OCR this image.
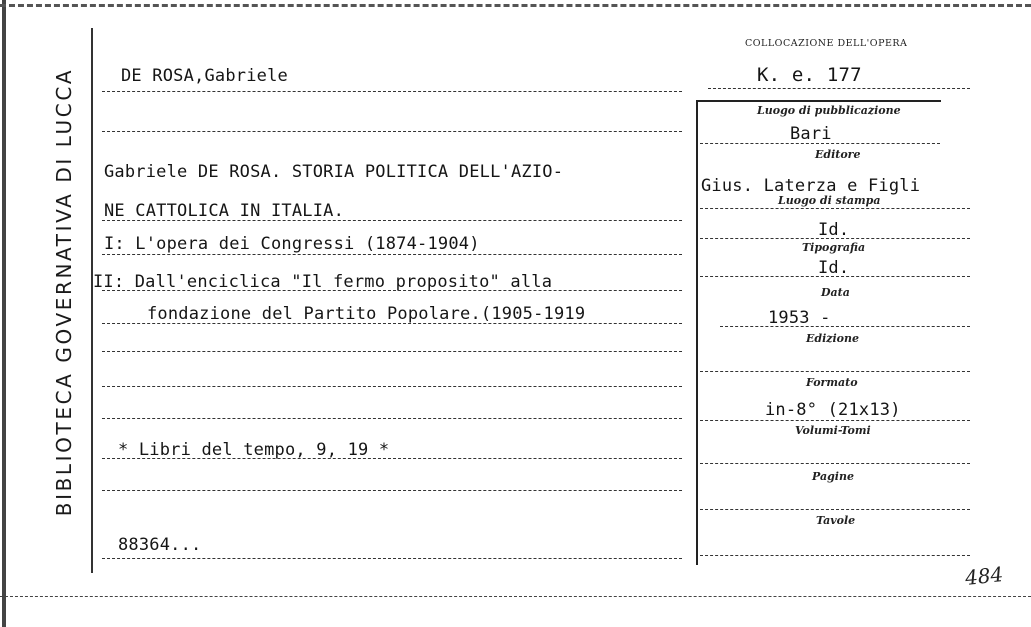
BIBLIOTECA GOVERNATIVA DI LUCCA
COLLOCAZIONE DELL'OPERA
K. e. 177
DE ROSA,Gabriele
Gabriele DE ROSA. STORIA POLITICA DELL'AZIO-
NE CATTOLICA IN ITALIA.
I: L'opera dei Congressi (1874-1904)
II: Dall'enciclica "Il fermo proposito" alla
fondazione del Partito Popolare.(1905-1919
* Libri del tempo, 9, 19 *
88364...
Luogo di pubblicazione
Bari
Editore
Gius. Laterza e Figli
Luogo di stampa
Id.
Tipografia
Id.
Data
1953 -
Edizione
Formato
in-8° (21x13)
Volumi-Tomi
Pagine
Tavole
484
